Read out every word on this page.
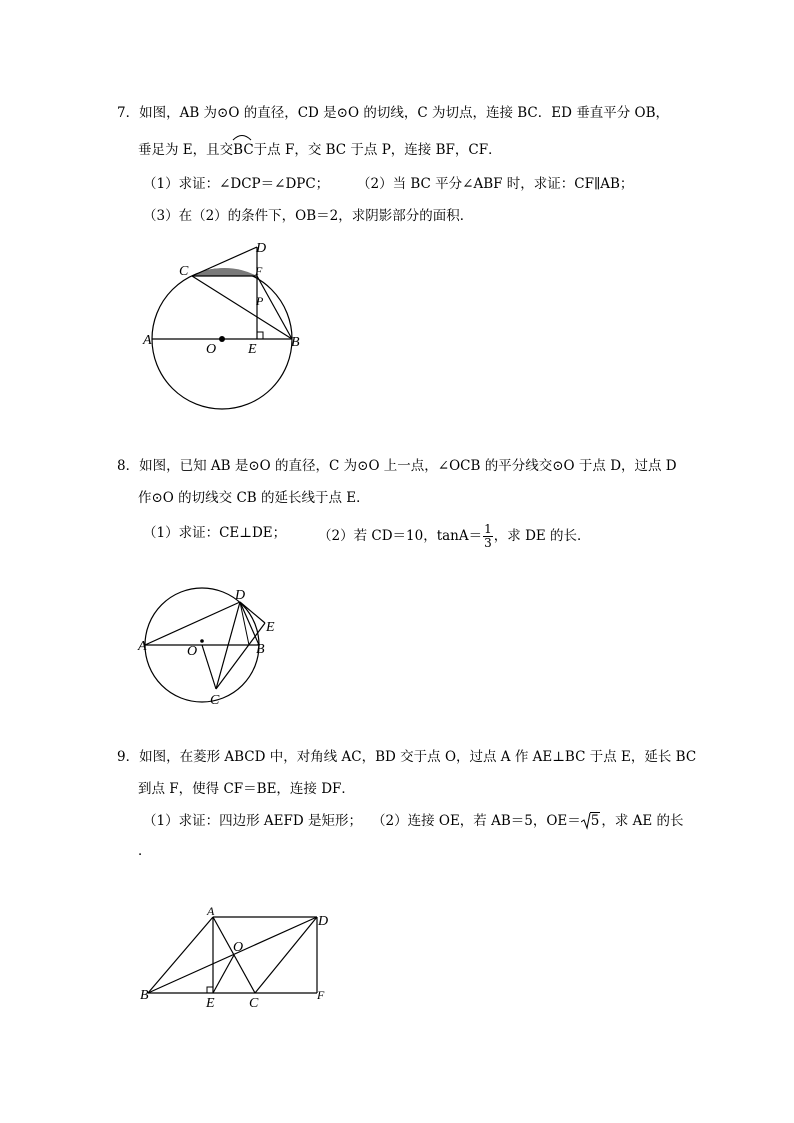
7．如图，AB 为⊙O 的直径，CD 是⊙O 的切线，C 为切点，连接 BC．ED 垂直平分 OB，
垂足为 E，且交BC
于点 F，交 BC 于点 P，连接 BF，CF．
（1）求证：∠DCP＝∠DPC； （2）当 BC 平分∠ABF 时，求证：CF∥AB；
（3）在（2）的条件下，OB＝2，求阴影部分的面积．
A	B
C
D
P
F
E
O
8．如图，已知 AB 是⊙O 的直径，C 为⊙O 上一点，∠OCB 的平分线交⊙O 于点 D，过点 D
作⊙O 的切线交 CB 的延长线于点 E．
（1）求证：CE⊥DE； （2）若 CD＝10，$\tan A= \frac{1}{3}$ ，求 DE 的长．
A	B
C
D
E
O
9．如图，在菱形 ABCD 中，对角线 AC，BD 交于点 O，过点 A 作 AE⊥BC 于点 E，延长 BC
到点 F，使得 CF＝BE，连接 DF．
（1）求证：四边形 AEFD 是矩形； （2）连接 OE，若 AB＝5，OE＝ 5 ，求 AE 的长
．
A
B
C
D
E
F
O
